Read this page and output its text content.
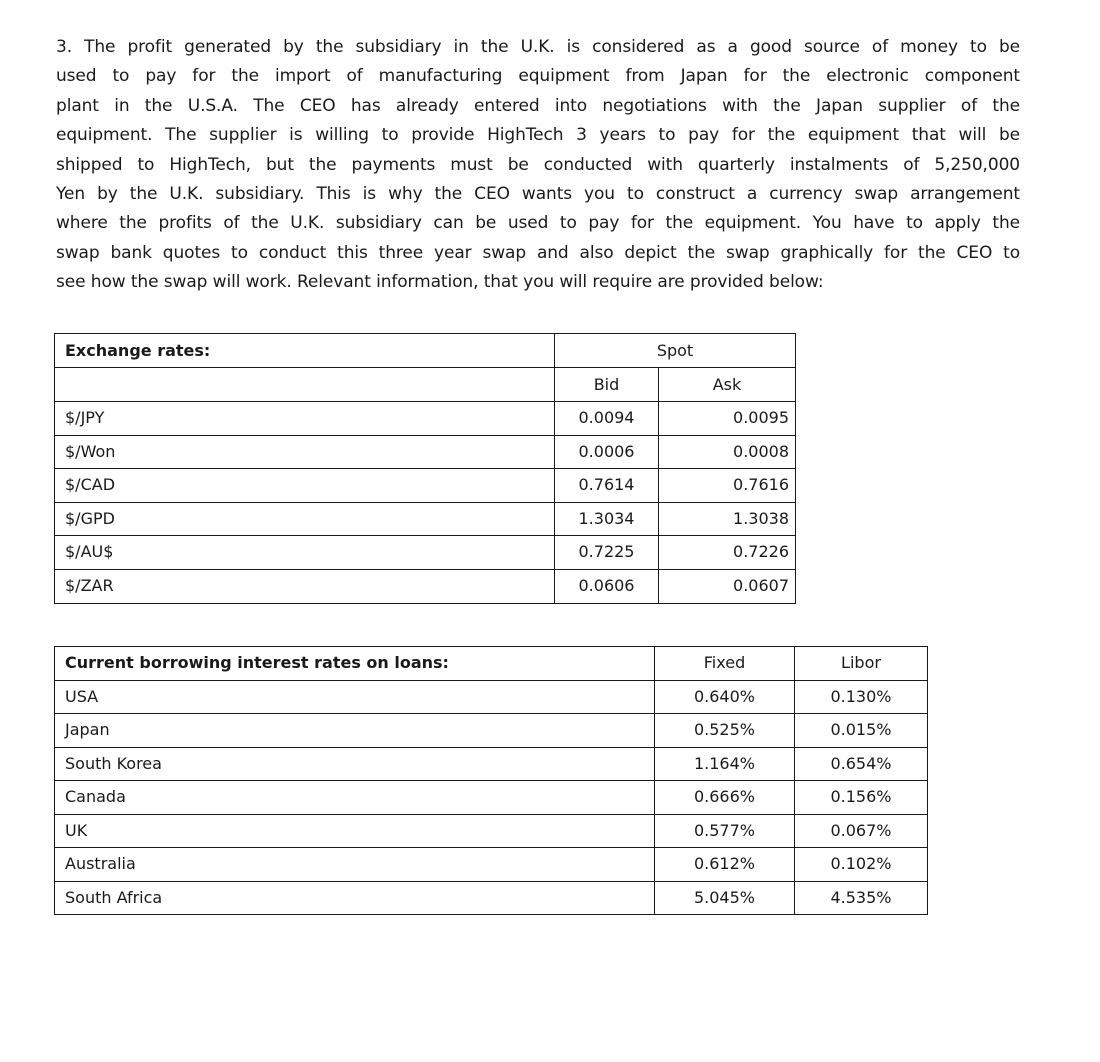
3. The profit generated by the subsidiary in the U.K. is considered as a good source of money to be
used to pay for the import of manufacturing equipment from Japan for the electronic component
plant in the U.S.A. The CEO has already entered into negotiations with the Japan supplier of the
equipment. The supplier is willing to provide HighTech 3 years to pay for the equipment that will be
shipped to HighTech, but the payments must be conducted with quarterly instalments of 5,250,000
Yen by the U.K. subsidiary. This is why the CEO wants you to construct a currency swap arrangement
where the profits of the U.K. subsidiary can be used to pay for the equipment. You have to apply the
swap bank quotes to conduct this three year swap and also depict the swap graphically for the CEO to
see how the swap will work. Relevant information, that you will require are provided below:
Exchange rates:	Spot	
	Bid	Ask
$/JPY	0.0094	0.0095
$/Won	0.0006	0.0008
$/CAD	0.7614	0.7616
$/GPD	1.3034	1.3038
$/AU$	0.7225	0.7226
$/ZAR	0.0606	0.0607
Current borrowing interest rates on loans:	Fixed	Libor
USA	0.640%	0.130%
Japan	0.525%	0.015%
South Korea	1.164%	0.654%
Canada	0.666%	0.156%
UK	0.577%	0.067%
Australia	0.612%	0.102%
South Africa	5.045%	4.535%
